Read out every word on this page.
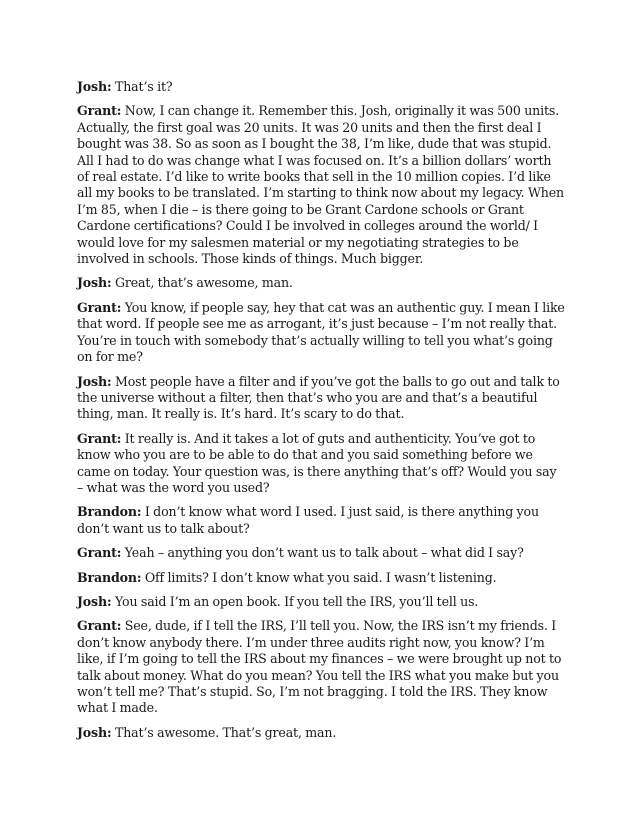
Josh: That’s it?

Grant: Now, I can change it. Remember this. Josh, originally it was 500 units. Actually, the first goal was 20 units. It was 20 units and then the first deal I bought was 38. So as soon as I bought the 38, I’m like, dude that was stupid. All I had to do was change what I was focused on. It’s a billion dollars’ worth of real estate. I’d like to write books that sell in the 10 million copies. I’d like all my books to be translated. I’m starting to think now about my legacy. When I’m 85, when I die – is there going to be Grant Cardone schools or Grant Cardone certifications? Could I be involved in colleges around the world/ I would love for my salesmen material or my negotiating strategies to be involved in schools. Those kinds of things. Much bigger.

Josh: Great, that’s awesome, man.

Grant: You know, if people say, hey that cat was an authentic guy. I mean I like that word. If people see me as arrogant, it’s just because – I’m not really that. You’re in touch with somebody that’s actually willing to tell you what’s going on for me?

Josh: Most people have a filter and if you’ve got the balls to go out and talk to the universe without a filter, then that’s who you are and that’s a beautiful thing, man. It really is. It’s hard. It’s scary to do that.

Grant: It really is. And it takes a lot of guts and authenticity. You’ve got to know who you are to be able to do that and you said something before we came on today. Your question was, is there anything that’s off? Would you say – what was the word you used?

Brandon: I don’t know what word I used. I just said, is there anything you don’t want us to talk about?

Grant: Yeah – anything you don’t want us to talk about – what did I say?

Brandon: Off limits? I don’t know what you said. I wasn’t listening.

Josh: You said I’m an open book. If you tell the IRS, you’ll tell us.

Grant: See, dude, if I tell the IRS, I’ll tell you. Now, the IRS isn’t my friends. I don’t know anybody there. I’m under three audits right now, you know? I’m like, if I’m going to tell the IRS about my finances – we were brought up not to talk about money. What do you mean? You tell the IRS what you make but you won’t tell me? That’s stupid. So, I’m not bragging. I told the IRS. They know what I made.

Josh: That’s awesome. That’s great, man.
